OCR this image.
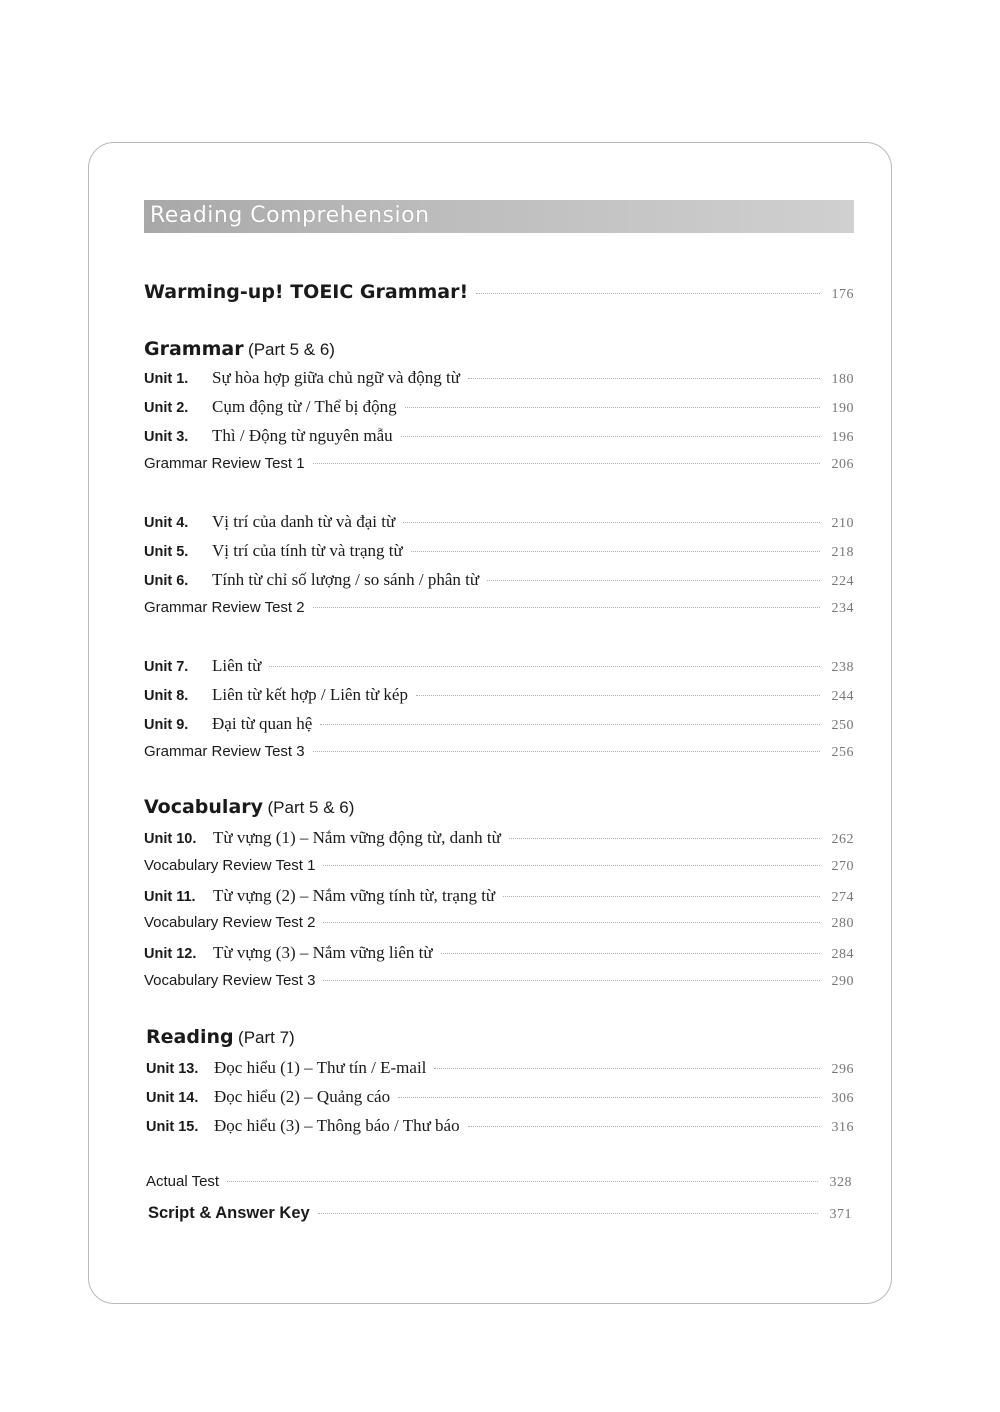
Reading Comprehension
Warming-up! TOEIC Grammar!	176
Grammar (Part 5 & 6)
Unit 1. Sự hòa hợp giữa chủ ngữ và động từ	180
Unit 2. Cụm động từ / Thể bị động	190
Unit 3. Thì / Động từ nguyên mẫu	196
Grammar Review Test 1	206
Unit 4. Vị trí của danh từ và đại từ	210
Unit 5. Vị trí của tính từ và trạng từ	218
Unit 6. Tính từ chỉ số lượng / so sánh / phân từ	224
Grammar Review Test 2	234
Unit 7. Liên từ	238
Unit 8. Liên từ kết hợp / Liên từ kép	244
Unit 9. Đại từ quan hệ	250
Grammar Review Test 3	256
Vocabulary (Part 5 & 6)
Unit 10. Từ vựng (1) – Nắm vững động từ, danh từ	262
Vocabulary Review Test 1	270
Unit 11. Từ vựng (2) – Nắm vững tính từ, trạng từ	274
Vocabulary Review Test 2	280
Unit 12. Từ vựng (3) – Nắm vững liên từ	284
Vocabulary Review Test 3	290
Reading (Part 7)
Unit 13. Đọc hiểu (1) – Thư tín / E-mail	296
Unit 14. Đọc hiểu (2) – Quảng cáo	306
Unit 15. Đọc hiểu (3) – Thông báo / Thư báo	316
Actual Test	328
Script & Answer Key	371
